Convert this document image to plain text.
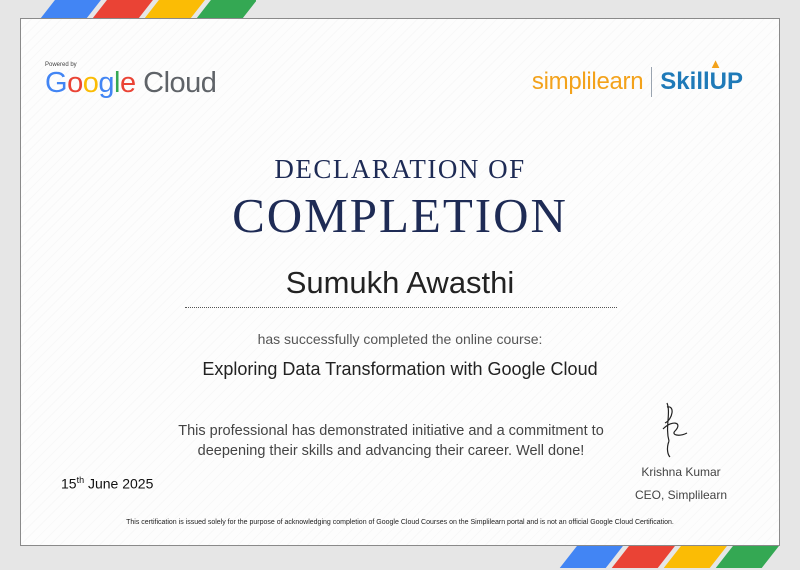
Powered by
Google Cloud	simplilearn SkillUP
▲
DECLARATION OF
COMPLETION
Sumukh Awasthi
has successfully completed the online course:
Exploring Data Transformation with Google Cloud
This professional has demonstrated initiative and a commitment to
deepening their skills and advancing their career. Well done!
15th June 2025
Krishna Kumar
CEO, Simplilearn
This certification is issued solely for the purpose of acknowledging completion of Google Cloud Courses on the Simplilearn portal and is not an official Google Cloud Certification.
